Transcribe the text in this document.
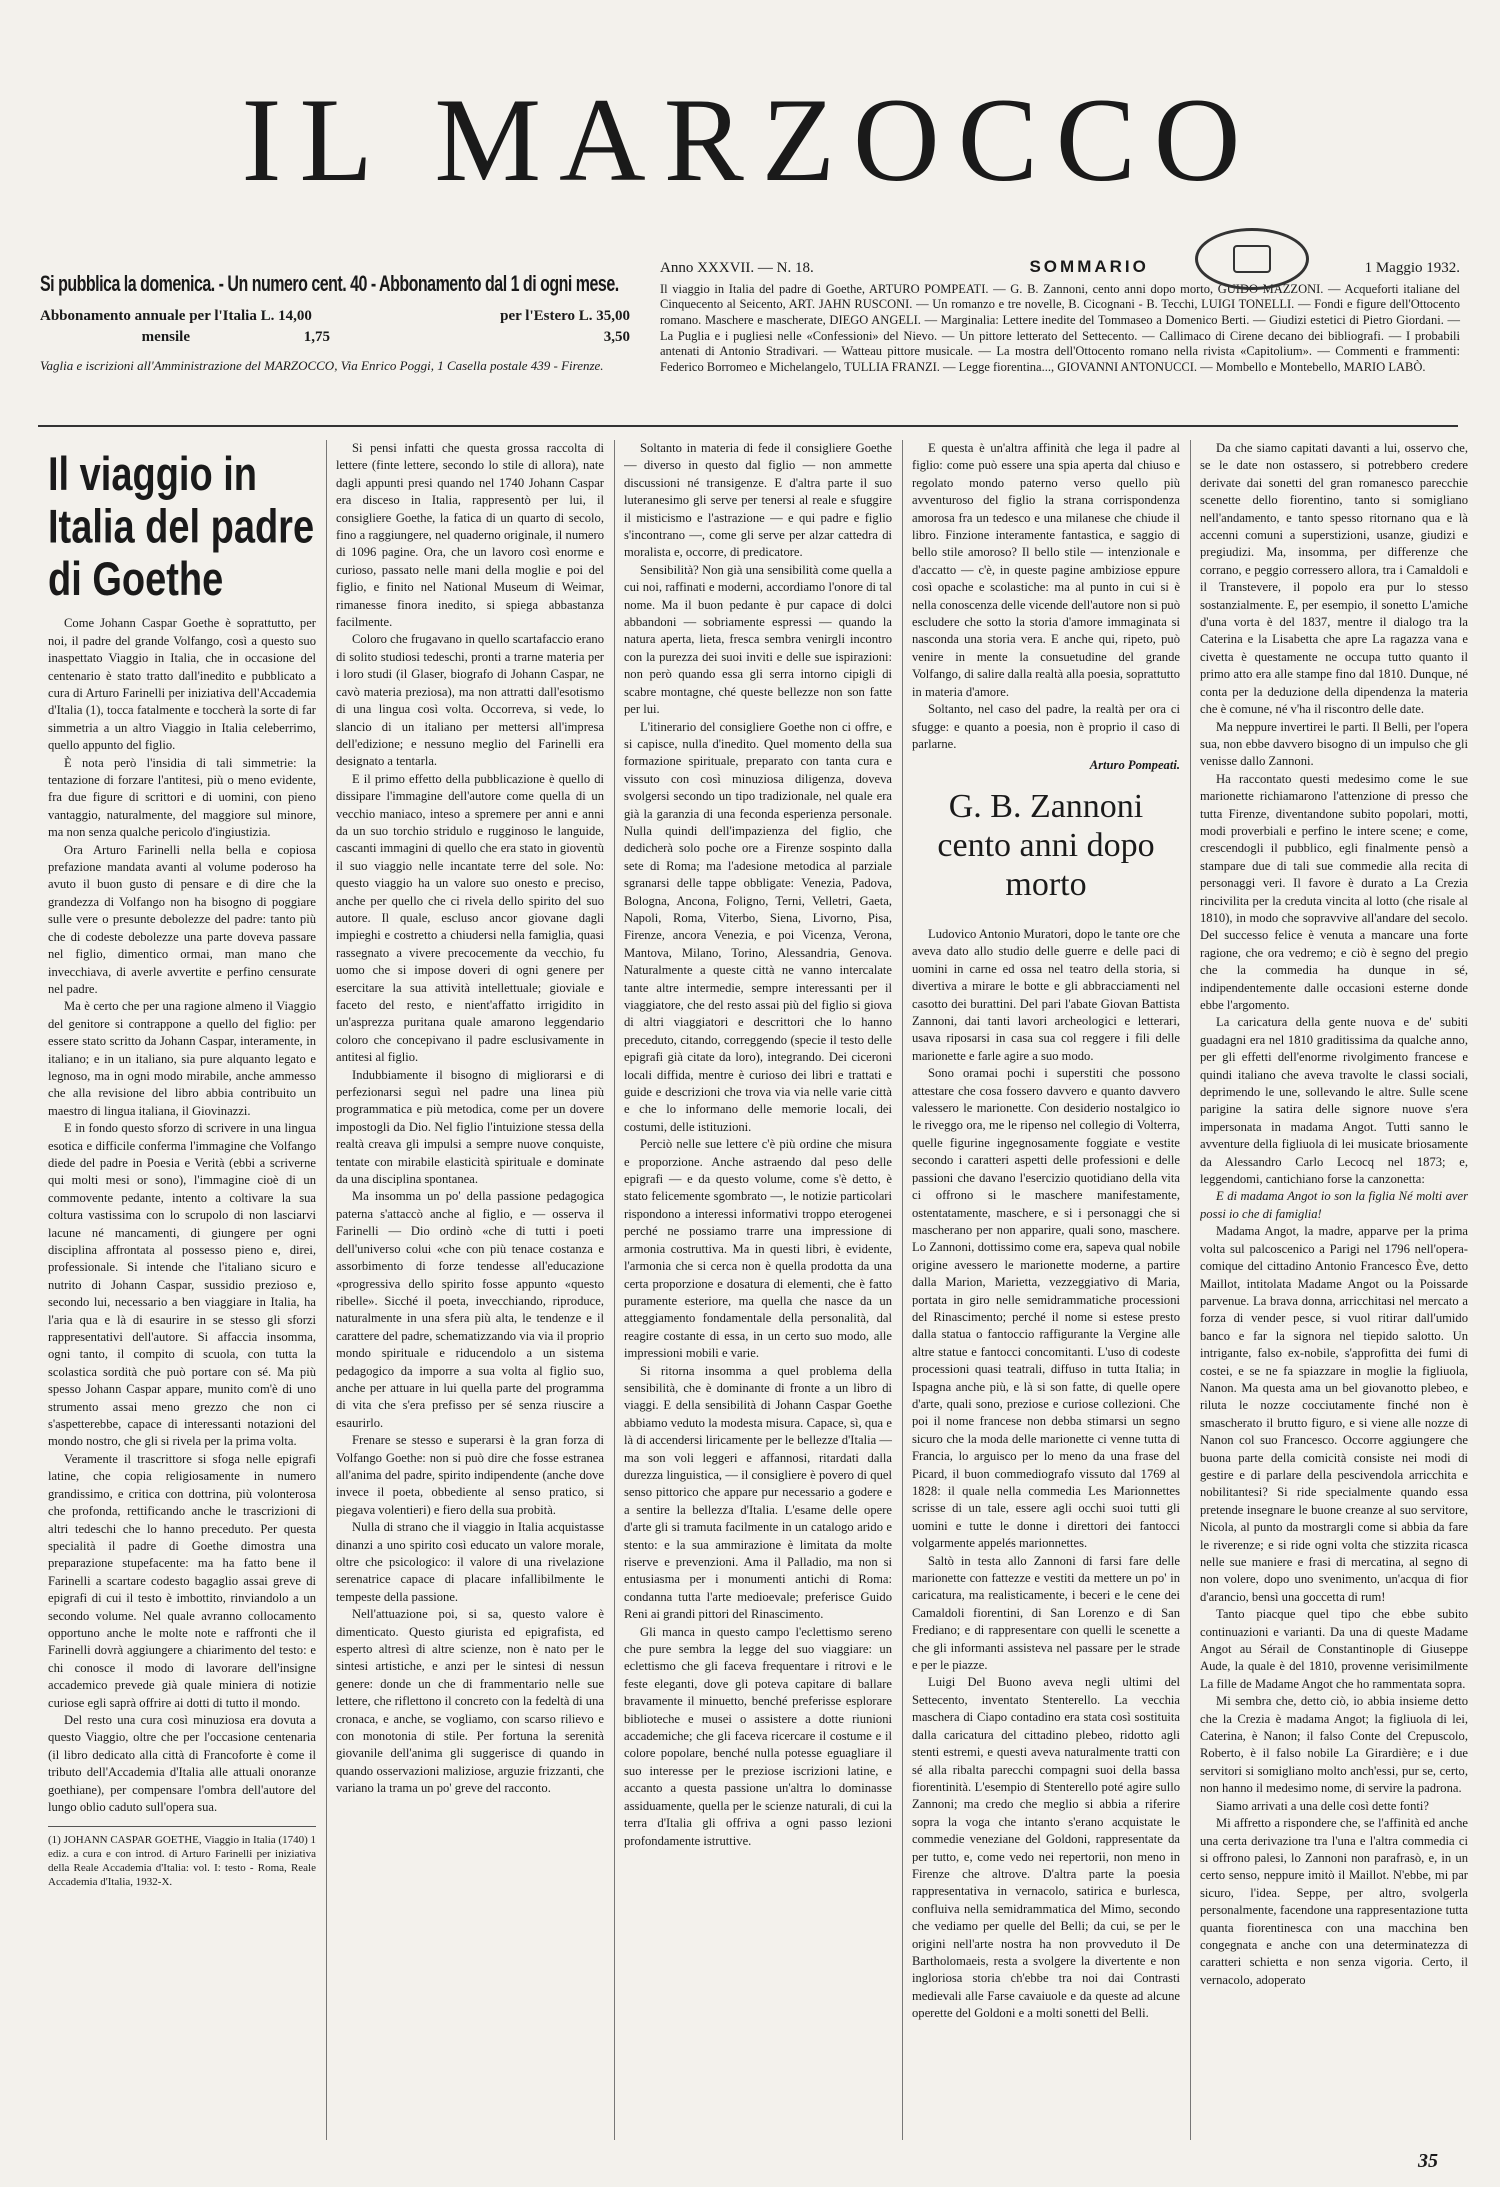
IL MARZOCCO
Si pubblica la domenica. - Un numero cent. 40 - Abbonamento dal 1 di ogni mese.
Abbonamento annuale per l'Italia L. 14,00	per l'Estero L. 35,00
mensile	1,75	3,50
Vaglia e iscrizioni all'Amministrazione del MARZOCCO, Via Enrico Poggi, 1 Casella postale 439 - Firenze.
Anno XXXVII. — N. 18.	SOMMARIO	1 Maggio 1932.
Il viaggio in Italia del padre di Goethe, ARTURO POMPEATI. — G. B. Zannoni, cento anni dopo morto, GUIDO MAZZONI. — Acqueforti italiane del Cinquecento al Seicento, ART. JAHN RUSCONI. — Un romanzo e tre novelle, B. Cicognani - B. Tecchi, LUIGI TONELLI. — Fondi e figure dell'Ottocento romano. Maschere e mascherate, DIEGO ANGELI. — Marginalia: Lettere inedite del Tommaseo a Domenico Berti. — Giudizi estetici di Pietro Giordani. — La Puglia e i pugliesi nelle «Confessioni» del Nievo. — Un pittore letterato del Settecento. — Callimaco di Cirene decano dei bibliografi. — I probabili antenati di Antonio Stradivari. — Watteau pittore musicale. — La mostra dell'Ottocento romano nella rivista «Capitolium». — Commenti e frammenti: Federico Borromeo e Michelangelo, TULLIA FRANZI. — Legge fiorentina..., GIOVANNI ANTONUCCI. — Mombello e Montebello, MARIO LABÒ.

Il viaggio in Italia del padre di Goethe

Come Johann Caspar Goethe è soprattutto, per noi, il padre del grande Volfango, così a questo suo inaspettato Viaggio in Italia, che in occasione del centenario è stato tratto dall'inedito e pubblicato a cura di Arturo Farinelli per iniziativa dell'Accademia d'Italia (1), tocca fatalmente e toccherà la sorte di far simmetria a un altro Viaggio in Italia celeberrimo, quello appunto del figlio.

È nota però l'insidia di tali simmetrie: la tentazione di forzare l'antitesi, più o meno evidente, fra due figure di scrittori e di uomini, con pieno vantaggio, naturalmente, del maggiore sul minore, ma non senza qualche pericolo d'ingiustizia.

Ora Arturo Farinelli nella bella e copiosa prefazione mandata avanti al volume poderoso ha avuto il buon gusto di pensare e di dire che la grandezza di Volfango non ha bisogno di poggiare sulle vere o presunte debolezze del padre: tanto più che di codeste debolezze una parte doveva passare nel figlio, dimentico ormai, man mano che invecchiava, di averle avvertite e perfino censurate nel padre.

Ma è certo che per una ragione almeno il Viaggio del genitore si contrappone a quello del figlio: per essere stato scritto da Johann Caspar, interamente, in italiano; e in un italiano, sia pure alquanto legato e legnoso, ma in ogni modo mirabile, anche ammesso che alla revisione del libro abbia contribuito un maestro di lingua italiana, il Giovinazzi.

E in fondo questo sforzo di scrivere in una lingua esotica e difficile conferma l'immagine che Volfango diede del padre in Poesia e Verità (ebbi a scriverne qui molti mesi or sono), l'immagine cioè di un commovente pedante, intento a coltivare la sua coltura vastissima con lo scrupolo di non lasciarvi lacune né mancamenti, di giungere per ogni disciplina affrontata al possesso pieno e, direi, professionale. Si intende che l'italiano sicuro e nutrito di Johann Caspar, sussidio prezioso e, secondo lui, necessario a ben viaggiare in Italia, ha l'aria qua e là di esaurire in se stesso gli sforzi rappresentativi dell'autore. Si affaccia insomma, ogni tanto, il compito di scuola, con tutta la scolastica sordità che può portare con sé. Ma più spesso Johann Caspar appare, munito com'è di uno strumento assai meno grezzo che non ci s'aspetterebbe, capace di interessanti notazioni del mondo nostro, che gli si rivela per la prima volta.

Veramente il trascrittore si sfoga nelle epigrafi latine, che copia religiosamente in numero grandissimo, e critica con dottrina, più volonterosa che profonda, rettificando anche le trascrizioni di altri tedeschi che lo hanno preceduto. Per questa specialità il padre di Goethe dimostra una preparazione stupefacente: ma ha fatto bene il Farinelli a scartare codesto bagaglio assai greve di epigrafi di cui il testo è imbottito, rinviandolo a un secondo volume. Nel quale avranno collocamento opportuno anche le molte note e raffronti che il Farinelli dovrà aggiungere a chiarimento del testo: e chi conosce il modo di lavorare dell'insigne accademico prevede già quale miniera di notizie curiose egli saprà offrire ai dotti di tutto il mondo.

Del resto una cura così minuziosa era dovuta a questo Viaggio, oltre che per l'occasione centenaria (il libro dedicato alla città di Francoforte è come il tributo dell'Accademia d'Italia alle attuali onoranze goethiane), per compensare l'ombra dell'autore del lungo oblio caduto sull'opera sua.

(1) JOHANN CASPAR GOETHE, Viaggio in Italia (1740) 1 ediz. a cura e con introd. di Arturo Farinelli per iniziativa della Reale Accademia d'Italia: vol. I: testo - Roma, Reale Accademia d'Italia, 1932-X.

Si pensi infatti che questa grossa raccolta di lettere (finte lettere, secondo lo stile di allora), nate dagli appunti presi quando nel 1740 Johann Caspar era disceso in Italia, rappresentò per lui, il consigliere Goethe, la fatica di un quarto di secolo, fino a raggiungere, nel quaderno originale, il numero di 1096 pagine. Ora, che un lavoro così enorme e curioso, passato nelle mani della moglie e poi del figlio, e finito nel National Museum di Weimar, rimanesse finora inedito, si spiega abbastanza facilmente.

Coloro che frugavano in quello scartafaccio erano di solito studiosi tedeschi, pronti a trarne materia per i loro studi (il Glaser, biografo di Johann Caspar, ne cavò materia preziosa), ma non attratti dall'esotismo di una lingua così volta. Occorreva, si vede, lo slancio di un italiano per mettersi all'impresa dell'edizione; e nessuno meglio del Farinelli era designato a tentarla.

E il primo effetto della pubblicazione è quello di dissipare l'immagine dell'autore come quella di un vecchio maniaco, inteso a spremere per anni e anni da un suo torchio stridulo e rugginoso le languide, cascanti immagini di quello che era stato in gioventù il suo viaggio nelle incantate terre del sole. No: questo viaggio ha un valore suo onesto e preciso, anche per quello che ci rivela dello spirito del suo autore. Il quale, escluso ancor giovane dagli impieghi e costretto a chiudersi nella famiglia, quasi rassegnato a vivere precocemente da vecchio, fu uomo che si impose doveri di ogni genere per esercitare la sua attività intellettuale; gioviale e faceto del resto, e nient'affatto irrigidito in un'asprezza puritana quale amarono leggendario coloro che concepivano il padre esclusivamente in antitesi al figlio.

Indubbiamente il bisogno di migliorarsi e di perfezionarsi seguì nel padre una linea più programmatica e più metodica, come per un dovere impostogli da Dio. Nel figlio l'intuizione stessa della realtà creava gli impulsi a sempre nuove conquiste, tentate con mirabile elasticità spirituale e dominate da una disciplina spontanea.

Ma insomma un po' della passione pedagogica paterna s'attaccò anche al figlio, e — osserva il Farinelli — Dio ordinò «che di tutti i poeti dell'universo colui «che con più tenace costanza e assorbimento di forze tendesse all'educazione «progressiva dello spirito fosse appunto «questo ribelle». Sicché il poeta, invecchiando, riproduce, naturalmente in una sfera più alta, le tendenze e il carattere del padre, schematizzando via via il proprio mondo spirituale e riducendolo a un sistema pedagogico da imporre a sua volta al figlio suo, anche per attuare in lui quella parte del programma di vita che s'era prefisso per sé senza riuscire a esaurirlo.

Frenare se stesso e superarsi è la gran forza di Volfango Goethe: non si può dire che fosse estranea all'anima del padre, spirito indipendente (anche dove invece il poeta, obbediente al senso pratico, si piegava volentieri) e fiero della sua probità.

Nulla di strano che il viaggio in Italia acquistasse dinanzi a uno spirito così educato un valore morale, oltre che psicologico: il valore di una rivelazione serenatrice capace di placare infallibilmente le tempeste della passione.

Nell'attuazione poi, si sa, questo valore è dimenticato. Questo giurista ed epigrafista, ed esperto altresì di altre scienze, non è nato per le sintesi artistiche, e anzi per le sintesi di nessun genere: donde un che di frammentario nelle sue lettere, che riflettono il concreto con la fedeltà di una cronaca, e anche, se vogliamo, con scarso rilievo e con monotonia di stile. Per fortuna la serenità giovanile dell'anima gli suggerisce di quando in quando osservazioni maliziose, arguzie frizzanti, che variano la trama un po' greve del racconto.

Soltanto in materia di fede il consigliere Goethe — diverso in questo dal figlio — non ammette discussioni né transigenze. E d'altra parte il suo luteranesimo gli serve per tenersi al reale e sfuggire il misticismo e l'astrazione — e qui padre e figlio s'incontrano —, come gli serve per alzar cattedra di moralista e, occorre, di predicatore.

Sensibilità? Non già una sensibilità come quella a cui noi, raffinati e moderni, accordiamo l'onore di tal nome. Ma il buon pedante è pur capace di dolci abbandoni — sobriamente espressi — quando la natura aperta, lieta, fresca sembra venirgli incontro con la purezza dei suoi inviti e delle sue ispirazioni: non però quando essa gli serra intorno cipigli di scabre montagne, ché queste bellezze non son fatte per lui.

L'itinerario del consigliere Goethe non ci offre, e si capisce, nulla d'inedito. Quel momento della sua formazione spirituale, preparato con tanta cura e vissuto con così minuziosa diligenza, dovevа svolgersi secondo un tipo tradizionale, nel quale era già la garanzia di una feconda esperienza personale. Nulla quindi dell'impazienza del figlio, che dedicherà solo poche ore a Firenze sospinto dalla sete di Roma; ma l'adesione metodica al parziale sgranarsi delle tappe obbligate: Venezia, Padova, Bologna, Ancona, Foligno, Terni, Velletri, Gaeta, Napoli, Roma, Viterbo, Siena, Livorno, Pisa, Firenze, ancora Venezia, e poi Vicenza, Verona, Mantova, Milano, Torino, Alessandria, Genova. Naturalmente a queste città ne vanno intercalate tante altre intermedie, sempre interessanti per il viaggiatore, che del resto assai più del figlio si giova di altri viaggiatori e descrittori che lo hanno preceduto, citando, correggendo (specie il testo delle epigrafi già citate da loro), integrando. Dei ciceroni locali diffida, mentre è curioso dei libri e trattati e guide e descrizioni che trova via via nelle varie città e che lo informano delle memorie locali, dei costumi, delle istituzioni.

Perciò nelle sue lettere c'è più ordine che misura e proporzione. Anche astraendo dal peso delle epigrafi — e da questo volume, come s'è detto, è stato felicemente sgombrato —, le notizie particolari rispondono a interessi informativi troppo eterogenei perché ne possiamo trarre una impressione di armonia costruttiva. Ma in questi libri, è evidente, l'armonia che si cerca non è quella prodotta da una certa proporzione e dosatura di elementi, che è fatto puramente esteriore, ma quella che nasce da un atteggiamento fondamentale della personalità, dal reagire costante di essa, in un certo suo modo, alle impressioni mobili e varie.

Si ritorna insomma a quel problema della sensibilità, che è dominante di fronte a un libro di viaggi. E della sensibilità di Johann Caspar Goethe abbiamo veduto la modesta misura. Capace, sì, qua e là di accendersi liricamente per le bellezze d'Italia — ma son voli leggeri e affannosi, ritardati dalla durezza linguistica, — il consigliere è povero di quel senso pittorico che appare pur necessario a godere e a sentire la bellezza d'Italia. L'esame delle opere d'arte gli si tramuta facilmente in un catalogo arido e stento: e la sua ammirazione è limitata da molte riserve e prevenzioni. Ama il Palladio, ma non si entusiasma per i monumenti antichi di Roma: condanna tutta l'arte medioevale; preferisce Guido Reni ai grandi pittori del Rinascimento.

Gli manca in questo campo l'eclettismo sereno che pure sembra la legge del suo viaggiare: un eclettismo che gli faceva frequentare i ritrovi e le feste eleganti, dove gli poteva capitare di ballare bravamente il minuetto, benché preferisse esplorare biblioteche e musei o assistere a dotte riunioni accademiche; che gli faceva ricercare il costume e il colore popolare, benché nulla potesse eguagliare il suo interesse per le preziose iscrizioni latine, e accanto a questa passione un'altra lo dominasse assiduamente, quella per le scienze naturali, di cui la terra d'Italia gli offriva a ogni passo lezioni profondamente istruttive.

E questa è un'altra affinità che lega il padre al figlio: come può essere una spia aperta dal chiuso e regolato mondo paterno verso quello più avventuroso del figlio la strana corrispondenza amorosa fra un tedesco e una milanese che chiude il libro. Finzione interamente fantastica, e saggio di bello stile amoroso? Il bello stile — intenzionale e d'accatto — c'è, in queste pagine ambiziose eppure così opache e scolastiche: ma al punto in cui si è nella conoscenza delle vicende dell'autore non si può escludere che sotto la storia d'amore immaginata si nasconda una storia vera. E anche qui, ripeto, può venire in mente la consuetudine del grande Volfango, di salire dalla realtà alla poesia, soprattutto in materia d'amore.

Soltanto, nel caso del padre, la realtà per ora ci sfugge: e quanto a poesia, non è proprio il caso di parlarne.

Arturo Pompeati.

G. B. Zannoni cento anni dopo morto

Ludovico Antonio Muratori, dopo le tante ore che aveva dato allo studio delle guerre e delle paci di uomini in carne ed ossa nel teatro della storia, si divertiva a mirare le botte e gli abbracciamenti nel casotto dei burattini. Del pari l'abate Giovan Battista Zannoni, dai tanti lavori archeologici e letterari, usava riposarsi in casa sua col reggere i fili delle marionette e farle agire a suo modo.

Sono oramai pochi i superstiti che possono attestare che cosa fossero davvero e quanto davvero valessero le marionette. Con desiderio nostalgico io le riveggo ora, me le ripenso nel collegio di Volterra, quelle figurine ingegnosamente foggiate e vestite secondo i caratteri aspetti delle professioni e delle passioni che davano l'esercizio quotidiano della vita ci offrono si le maschere manifestamente, ostentatamente, maschere, e si i personaggi che si mascherano per non apparire, quali sono, maschere. Lo Zannoni, dottissimo come era, sapeva qual nobile origine avessero le marionette moderne, a partire dalla Marion, Marietta, vezzeggiativo di Maria, portata in giro nelle semidrammatiche processioni del Rinascimento; perché il nome si estese presto dalla statua o fantoccio raffigurante la Vergine alle altre statue e fantocci concomitanti. L'uso di codeste processioni quasi teatrali, diffuso in tutta Italia; in Ispagna anche più, e là si son fatte, di quelle opere d'arte, quali sono, preziose e curiose collezioni. Che poi il nome francese non debba stimarsi un segno sicuro che la moda delle marionette ci venne tutta di Francia, lo arguisco per lo meno da una frase del Picard, il buon commediografo vissuto dal 1769 al 1828: il quale nella commedia Les Marionnettes scrisse di un tale, essere agli occhi suoi tutti gli uomini e tutte le donne i direttori dei fantocci volgarmente appelés marionnettes.

Saltò in testa allo Zannoni di farsi fare delle marionette con fattezze e vestiti da mettere un po' in caricatura, ma realisticamente, i beceri e le cene dei Camaldoli fiorentini, di San Lorenzo e di San Frediano; e di rappresentare con quelli le scenette a che gli informanti assisteva nel passare per le strade e per le piazze.

Luigi Del Buono aveva negli ultimi del Settecento, inventato Stenterello. La vecchia maschera di Ciapo contadino era stata così sostituita dalla caricatura del cittadino plebeo, ridotto agli stenti estremi, e questi aveva naturalmente tratti con sé alla ribalta parecchi compagni suoi della bassa fiorentinità. L'esempio di Stenterello poté agire sullo Zannoni; ma credo che meglio si abbia a riferire sopra la voga che intanto s'erano acquistate le commedie veneziane del Goldoni, rappresentate da per tutto, e, come vedo nei repertorii, non meno in Firenze che altrove. D'altra parte la poesia rappresentativa in vernacolo, satirica e burlesca, confluiva nella semidrammatica del Mimo, secondo che vediamo per quelle del Belli; da cui, se per le origini nell'arte nostra ha non provveduto il De Bartholomaeis, resta a svolgere la divertente e non ingloriosa storia ch'ebbe tra noi dai Contrasti medievali alle Farse cavaiuole e da queste ad alcune operette del Goldoni e a molti sonetti del Belli.

Da che siamo capitati davanti a lui, osservo che, se le date non ostassero, si potrebbero credere derivate dai sonetti del gran romanesco parecchie scenette dello fiorentino, tanto si somigliano nell'andamento, e tanto spesso ritornano qua e là accenni comuni a superstizioni, usanze, giudizi e pregiudizi. Ma, insomma, per differenze che corrano, e peggio corressero allora, tra i Camaldoli e il Transtevere, il popolo era pur lo stesso sostanzialmente. E, per esempio, il sonetto L'amiche d'una vorta è del 1837, mentre il dialogo tra la Caterina e la Lisabetta che apre La ragazza vana e civetta è questamente ne occupa tutto quanto il primo atto era alle stampe fino dal 1810. Dunque, né conta per la deduzione della dipendenza la materia che è comune, né v'ha il riscontro delle date.

Ma neppure invertirei le parti. Il Belli, per l'opera sua, non ebbe davvero bisogno di un impulso che gli venisse dallo Zannoni.

Ha raccontato questi medesimo come le sue marionette richiamarono l'attenzione di presso che tutta Firenze, diventandone subito popolari, motti, modi proverbiali e perfino le intere scene; e come, crescendogli il pubblico, egli finalmente pensò a stampare due di tali sue commedie alla recita di personaggi veri. Il favore è durato a La Crezia rincivilita per la creduta vincita al lotto (che risale al 1810), in modo che sopravvive all'andare del secolo. Del successo felice è venuta a mancare una forte ragione, che ora vedremo; e ciò è segno del pregio che la commedia ha dunque in sé, indipendentemente dalle occasioni esterne donde ebbe l'argomento.

La caricatura della gente nuova e de' subiti guadagni era nel 1810 graditissima da qualche anno, per gli effetti dell'enorme rivolgimento francese e quindi italiano che aveva travolte le classi sociali, deprimendo le une, sollevando le altre. Sulle scene parigine la satira delle signore nuove s'era impersonata in madama Angot. Tutti sanno le avventure della figliuola di lei musicate briosamente da Alessandro Carlo Lecocq nel 1873; e, leggendomi, cantichiano forse la canzonetta:

E di madama Angot io son la figlia Né molti aver possi io che di famiglia!

Madama Angot, la madre, apparve per la prima volta sul palcoscenico a Parigi nel 1796 nell'opera-comique del cittadino Antonio Francesco Ève, detto Maillot, intitolata Madame Angot ou la Poissarde parvenue. La brava donna, arricchitasi nel mercato a forza di vender pesce, si vuol ritirar dall'umido banco e far la signora nel tiepido salotto. Un intrigante, falso ex-nobile, s'approfitta dei fumi di costei, e se ne fa spiazzare in moglie la figliuola, Nanon. Ma questa ama un bel giovanotto plebeo, e riluta le nozze cocciutamente finché non è smascherato il brutto figuro, e si viene alle nozze di Nanon col suo Francesco. Occorre aggiungere che buona parte della comicità consiste nei modi di gestire e di parlare della pescivendola arricchita e nobilitantesi? Si ride specialmente quando essa pretende insegnare le buone creanze al suo servitore, Nicola, al punto da mostrargli come si abbia da fare le riverenze; e si ride ogni volta che stizzita ricasca nelle sue maniere e frasi di mercatina, al segno di non volere, dopo uno svenimento, un'acqua di fior d'arancio, bensì una goccetta di rum!

Tanto piacque quel tipo che ebbe subito continuazioni e varianti. Da una di queste Madame Angot au Sérail de Constantinople di Giuseppe Aude, la quale è del 1810, provenne verisimilmente La fille de Madame Angot che ho rammentata sopra.

Mi sembra che, detto ciò, io abbia insieme detto che la Crezia è madama Angot; la figliuola di lei, Caterina, è Nanon; il falso Conte del Crepuscolo, Roberto, è il falso nobile La Girardière; e i due servitori si somigliano molto anch'essi, pur se, certo, non hanno il medesimo nome, di servire la padrona.

Siamo arrivati a una delle così dette fonti?

Mi affretto a rispondere che, se l'affinità ed anche una certa derivazione tra l'una e l'altra commedia ci si offrono palesi, lo Zannoni non parafrasò, e, in un certo senso, neppure imitò il Maillot. N'ebbe, mi par sicuro, l'idea. Seppe, per altro, svolgerla personalmente, facendone una rappresentazione tutta quanta fiorentinesca con una macchina ben congegnata e anche con una determinatezza di caratteri schietta e non senza vigoria. Certo, il vernacolo, adoperato

35
